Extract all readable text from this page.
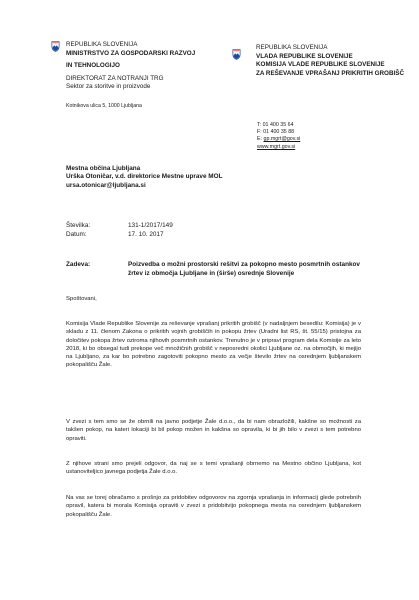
REPUBLIKA SLOVENIJA
MINISTRSTVO ZA GOSPODARSKI RAZVOJ
IN TEHNOLOGIJO
DIREKTORAT ZA NOTRANJI TRG
Sektor za storitve in proizvode
Kotnikova ulica 5, 1000 Ljubljana
REPUBLIKA SLOVENIJA
VLADA REPUBLIKE SLOVENIJE
KOMISIJA VLADE REPUBLIKE SLOVENIJE
ZA REŠEVANJE VPRAŠANJ PRIKRITIH GROBIŠČ
T: 01 400 35 64
F: 01 400 35 88
E: gp.mgrt@gov.si
www.mgrt.gov.si
Mestna občina Ljubljana
Urška Otoničar, v.d. direktorice Mestne uprave MOL
ursa.otonicar@ljubljana.si
Številka:	131-1/2017/149
Datum:	17. 10. 2017
Zadeva:	Poizvedba o možni prostorski rešitvi za pokopno mesto posmrtnih ostankov žrtev iz območja Ljubljane in (širše) osrednje Slovenije
Spoštovani,
Komisija Vlade Republike Slovenije za reševanje vprašanj prikritih grobišč (v nadaljnjem besedilu: Komisija) je v skladu z 11. členom Zakona o prikritih vojnih grobiščih in pokopu žrtev (Uradni list RS, št. 55/15) pristojna za določitev pokopa žrtev oziroma njihovih posmrtnih ostankov. Trenutno je v pripravi program dela Komisije za leto 2018, ki bo obsegal tudi prekope več množičnih grobišč v neposredni okolici Ljubljane oz. na območjih, ki mejijo na Ljubljano, za kar bo potrebno zagotoviti pokopno mesto za večje število žrtev na osrednjem ljubljanskem pokopališču Žale.
V zvezi s tem smo se že obrnili na javno podjetje Žale d.o.o., da bi nam obrazložili, kakšne so možnosti za takšen pokop, na kateri lokaciji bi bil pokop možen in kakšna so opravila, ki bi jih bilo v zvezi s tem potrebno opraviti.
Z njihove strani smo prejeli odgovor, da naj se s temi vprašanji obrnemo na Mestno občino Ljubljana, kot ustanoviteljico javnega podjetja Žale d.o.o.
Na vas se torej obračamo s prošnjo za pridobitev odgovorov na zgornja vprašanja in informacij glede potrebnih opravil, katera bi morala Komisija opraviti v zvezi s pridobitvijo pokopnega mesta na osrednjem ljubljanskem pokopališču Žale.
